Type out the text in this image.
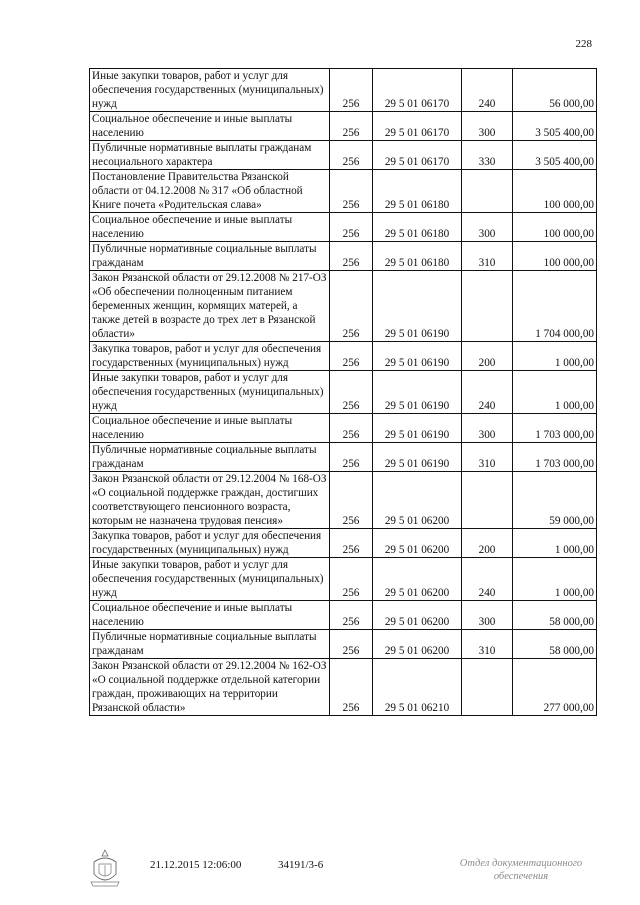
228
Иные закупки товаров, работ и услуг для обеспечения государственных (муниципальных) нужд	256	29 5 01 06170	240	56 000,00
Социальное обеспечение и иные выплаты населению	256	29 5 01 06170	300	3 505 400,00
Публичные нормативные выплаты гражданам несоциального характера	256	29 5 01 06170	330	3 505 400,00
Постановление Правительства Рязанской области от 04.12.2008 № 317 «Об областной Книге почета «Родительская слава»	256	29 5 01 06180		100 000,00
Социальное обеспечение и иные выплаты населению	256	29 5 01 06180	300	100 000,00
Публичные нормативные социальные выплаты гражданам	256	29 5 01 06180	310	100 000,00
Закон Рязанской области от 29.12.2008 № 217-ОЗ «Об обеспечении полноценным питанием беременных женщин, кормящих матерей, а также детей в возрасте до трех лет в Рязанской области»	256	29 5 01 06190		1 704 000,00
Закупка товаров, работ и услуг для обеспечения государственных (муниципальных) нужд	256	29 5 01 06190	200	1 000,00
Иные закупки товаров, работ и услуг для обеспечения государственных (муниципальных) нужд	256	29 5 01 06190	240	1 000,00
Социальное обеспечение и иные выплаты населению	256	29 5 01 06190	300	1 703 000,00
Публичные нормативные социальные выплаты гражданам	256	29 5 01 06190	310	1 703 000,00
Закон Рязанской области от 29.12.2004 № 168-ОЗ «О социальной поддержке граждан, достигших соответствующего пенсионного возраста, которым не назначена трудовая пенсия»	256	29 5 01 06200		59 000,00
Закупка товаров, работ и услуг для обеспечения государственных (муниципальных) нужд	256	29 5 01 06200	200	1 000,00
Иные закупки товаров, работ и услуг для обеспечения государственных (муниципальных) нужд	256	29 5 01 06200	240	1 000,00
Социальное обеспечение и иные выплаты населению	256	29 5 01 06200	300	58 000,00
Публичные нормативные социальные выплаты гражданам	256	29 5 01 06200	310	58 000,00
Закон Рязанской области от 29.12.2004 № 162-ОЗ «О социальной поддержке отдельной категории граждан, проживающих на территории Рязанской области»	256	29 5 01 06210		277 000,00
21.12.2015 12:06:00	34191/3-6	Отдел документационного
обеспечения
